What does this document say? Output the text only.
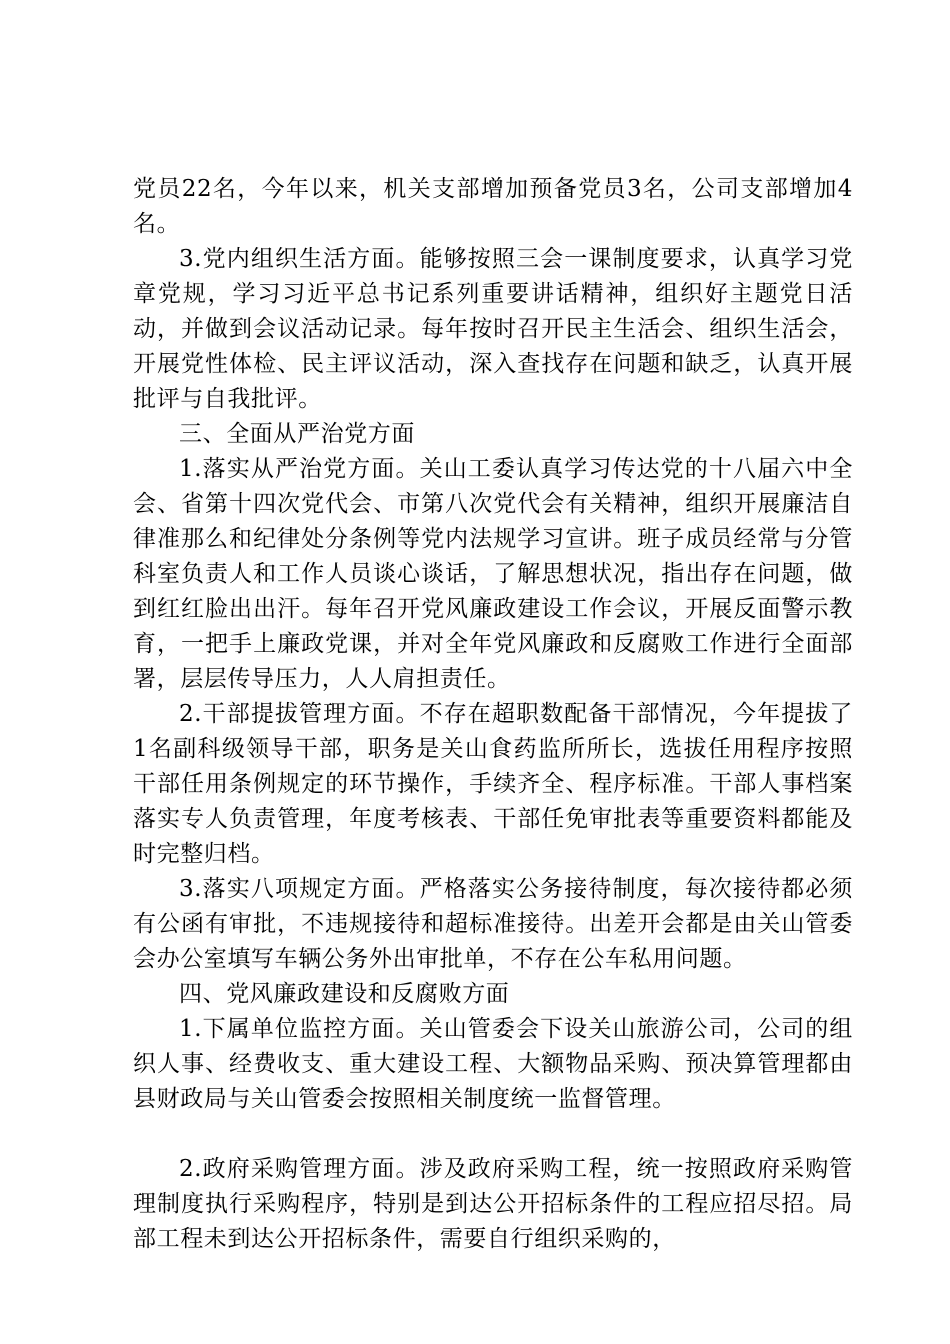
党员22名，今年以来，机关支部增加预备党员3名，公司支部增加4名。

3.党内组织生活方面。能够按照三会一课制度要求，认真学习党章党规，学习习近平总书记系列重要讲话精神，组织好主题党日活动，并做到会议活动记录。每年按时召开民主生活会、组织生活会，开展党性体检、民主评议活动，深入查找存在问题和缺乏，认真开展批评与自我批评。

三、全面从严治党方面

1.落实从严治党方面。关山工委认真学习传达党的十八届六中全会、省第十四次党代会、市第八次党代会有关精神，组织开展廉洁自律准那么和纪律处分条例等党内法规学习宣讲。班子成员经常与分管科室负责人和工作人员谈心谈话，了解思想状况，指出存在问题，做到红红脸出出汗。每年召开党风廉政建设工作会议，开展反面警示教育，一把手上廉政党课，并对全年党风廉政和反腐败工作进行全面部署，层层传导压力，人人肩担责任。

2.干部提拔管理方面。不存在超职数配备干部情况，今年提拔了1名副科级领导干部，职务是关山食药监所所长，选拔任用程序按照干部任用条例规定的环节操作，手续齐全、程序标准。干部人事档案落实专人负责管理，年度考核表、干部任免审批表等重要资料都能及时完整归档。

3.落实八项规定方面。严格落实公务接待制度，每次接待都必须有公函有审批，不违规接待和超标准接待。出差开会都是由关山管委会办公室填写车辆公务外出审批单，不存在公车私用问题。

四、党风廉政建设和反腐败方面

1.下属单位监控方面。关山管委会下设关山旅游公司，公司的组织人事、经费收支、重大建设工程、大额物品采购、预决算管理都由县财政局与关山管委会按照相关制度统一监督管理。

2.政府采购管理方面。涉及政府采购工程，统一按照政府采购管理制度执行采购程序，特别是到达公开招标条件的工程应招尽招。局部工程未到达公开招标条件，需要自行组织采购的，
